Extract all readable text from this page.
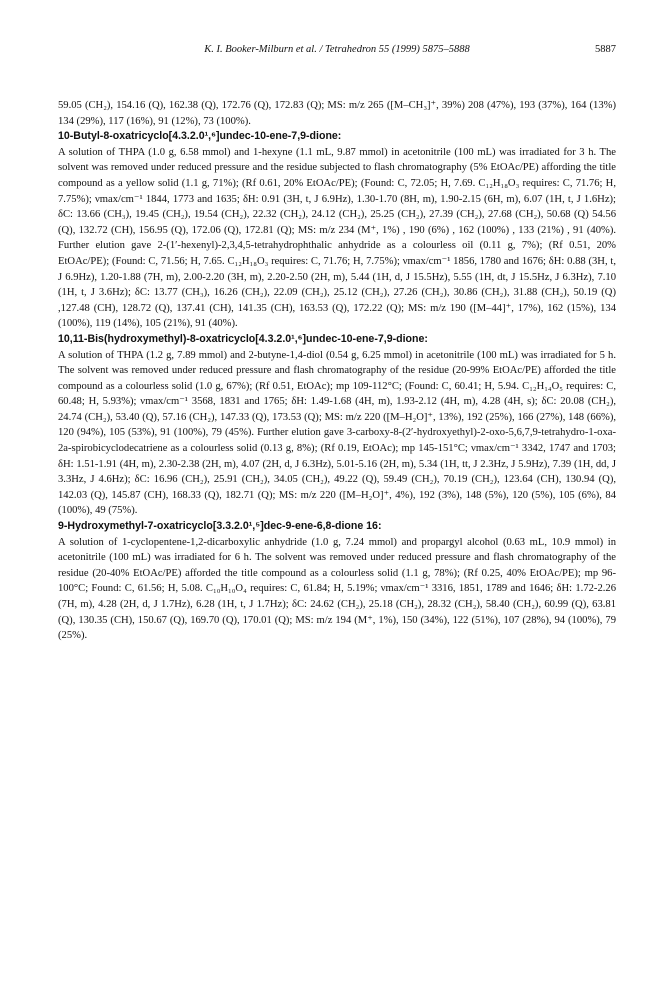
K. I. Booker-Milburn et al. / Tetrahedron 55 (1999) 5875–5888	5887

59.05 (CH₂), 154.16 (Q), 162.38 (Q), 172.76 (Q), 172.83 (Q); MS: m/z 265 ([M–CH₃]⁺, 39%) 208 (47%), 193 (37%), 164 (13%) 134 (29%), 117 (16%), 91 (12%), 73 (100%).

10-Butyl-8-oxatricyclo[4.3.2.0¹,⁶]undec-10-ene-7,9-dione:

A solution of THPA (1.0 g, 6.58 mmol) and 1-hexyne (1.1 mL, 9.87 mmol) in acetonitrile (100 mL) was irradiated for 3 h. The solvent was removed under reduced pressure and the residue subjected to flash chromatography (5% EtOAc/PE) affording the title compound as a yellow solid (1.1 g, 71%); (Rf 0.61, 20% EtOAc/PE); (Found: C, 72.05; H, 7.69. C₁₂H₁₈O₃ requires: C, 71.76; H, 7.75%); νmax/cm⁻¹ 1844, 1773 and 1635; δH: 0.91 (3H, t, J 6.9Hz), 1.30-1.70 (8H, m), 1.90-2.15 (6H, m), 6.07 (1H, t, J 1.6Hz); δC: 13.66 (CH₃), 19.45 (CH₂), 19.54 (CH₂), 22.32 (CH₂), 24.12 (CH₂), 25.25 (CH₂), 27.39 (CH₂), 27.68 (CH₂), 50.68 (Q) 54.56 (Q), 132.72 (CH), 156.95 (Q), 172.06 (Q), 172.81 (Q); MS: m/z 234 (M⁺, 1%) , 190 (6%) , 162 (100%) , 133 (21%) , 91 (40%). Further elution gave 2-(1′-hexenyl)-2,3,4,5-tetrahydrophthalic anhydride as a colourless oil (0.11 g, 7%); (Rf 0.51, 20% EtOAc/PE); (Found: C, 71.56; H, 7.65. C₁₂H₁₈O₃ requires: C, 71.76; H, 7.75%); νmax/cm⁻¹ 1856, 1780 and 1676; δH: 0.88 (3H, t, J 6.9Hz), 1.20-1.88 (7H, m), 2.00-2.20 (3H, m), 2.20-2.50 (2H, m), 5.44 (1H, d, J 15.5Hz), 5.55 (1H, dt, J 15.5Hz, J 6.3Hz), 7.10 (1H, t, J 3.6Hz); δC: 13.77 (CH₃), 16.26 (CH₂), 22.09 (CH₂), 25.12 (CH₂), 27.26 (CH₂), 30.86 (CH₂), 31.88 (CH₂), 50.19 (Q) ,127.48 (CH), 128.72 (Q), 137.41 (CH), 141.35 (CH), 163.53 (Q), 172.22 (Q); MS: m/z 190 ([M–44]⁺, 17%), 162 (15%), 134 (100%), 119 (14%), 105 (21%), 91 (40%).

10,11-Bis(hydroxymethyl)-8-oxatricyclo[4.3.2.0¹,⁶]undec-10-ene-7,9-dione:

A solution of THPA (1.2 g, 7.89 mmol) and 2-butyne-1,4-diol (0.54 g, 6.25 mmol) in acetonitrile (100 mL) was irradiated for 5 h. The solvent was removed under reduced pressure and flash chromatography of the residue (20-99% EtOAc/PE) afforded the title compound as a colourless solid (1.0 g, 67%); (Rf 0.51, EtOAc); mp 109-112°C; (Found: C, 60.41; H, 5.94. C₁₂H₁₄O₅ requires: C, 60.48; H, 5.93%); νmax/cm⁻¹ 3568, 1831 and 1765; δH: 1.49-1.68 (4H, m), 1.93-2.12 (4H, m), 4.28 (4H, s); δC: 20.08 (CH₂), 24.74 (CH₂), 53.40 (Q), 57.16 (CH₂), 147.33 (Q), 173.53 (Q); MS: m/z 220 ([M–H₂O]⁺, 13%), 192 (25%), 166 (27%), 148 (66%), 120 (94%), 105 (53%), 91 (100%), 79 (45%). Further elution gave 3-carboxy-8-(2′-hydroxyethyl)-2-oxo-5,6,7,9-tetrahydro-1-oxa-2a-spirobicyclodecatriene as a colourless solid (0.13 g, 8%); (Rf 0.19, EtOAc); mp 145-151°C; νmax/cm⁻¹ 3342, 1747 and 1703; δH: 1.51-1.91 (4H, m), 2.30-2.38 (2H, m), 4.07 (2H, d, J 6.3Hz), 5.01-5.16 (2H, m), 5.34 (1H, tt, J 2.3Hz, J 5.9Hz), 7.39 (1H, dd, J 3.3Hz, J 4.6Hz); δC: 16.96 (CH₂), 25.91 (CH₂), 34.05 (CH₂), 49.22 (Q), 59.49 (CH₂), 70.19 (CH₂), 123.64 (CH), 130.94 (Q), 142.03 (Q), 145.87 (CH), 168.33 (Q), 182.71 (Q); MS: m/z 220 ([M–H₂O]⁺, 4%), 192 (3%), 148 (5%), 120 (5%), 105 (6%), 84 (100%), 49 (75%).

9-Hydroxymethyl-7-oxatricyclo[3.3.2.0¹,⁵]dec-9-ene-6,8-dione 16:

A solution of 1-cyclopentene-1,2-dicarboxylic anhydride (1.0 g, 7.24 mmol) and propargyl alcohol (0.63 mL, 10.9 mmol) in acetonitrile (100 mL) was irradiated for 6 h. The solvent was removed under reduced pressure and flash chromatography of the residue (20-40% EtOAc/PE) afforded the title compound as a colourless solid (1.1 g, 78%); (Rf 0.25, 40% EtOAc/PE); mp 96-100°C; Found: C, 61.56; H, 5.08. C₁₀H₁₀O₄ requires: C, 61.84; H, 5.19%; νmax/cm⁻¹ 3316, 1851, 1789 and 1646; δH: 1.72-2.26 (7H, m), 4.28 (2H, d, J 1.7Hz), 6.28 (1H, t, J 1.7Hz); δC: 24.62 (CH₂), 25.18 (CH₂), 28.32 (CH₂), 58.40 (CH₂), 60.99 (Q), 63.81 (Q), 130.35 (CH), 150.67 (Q), 169.70 (Q), 170.01 (Q); MS: m/z 194 (M⁺, 1%), 150 (34%), 122 (51%), 107 (28%), 94 (100%), 79 (25%).
